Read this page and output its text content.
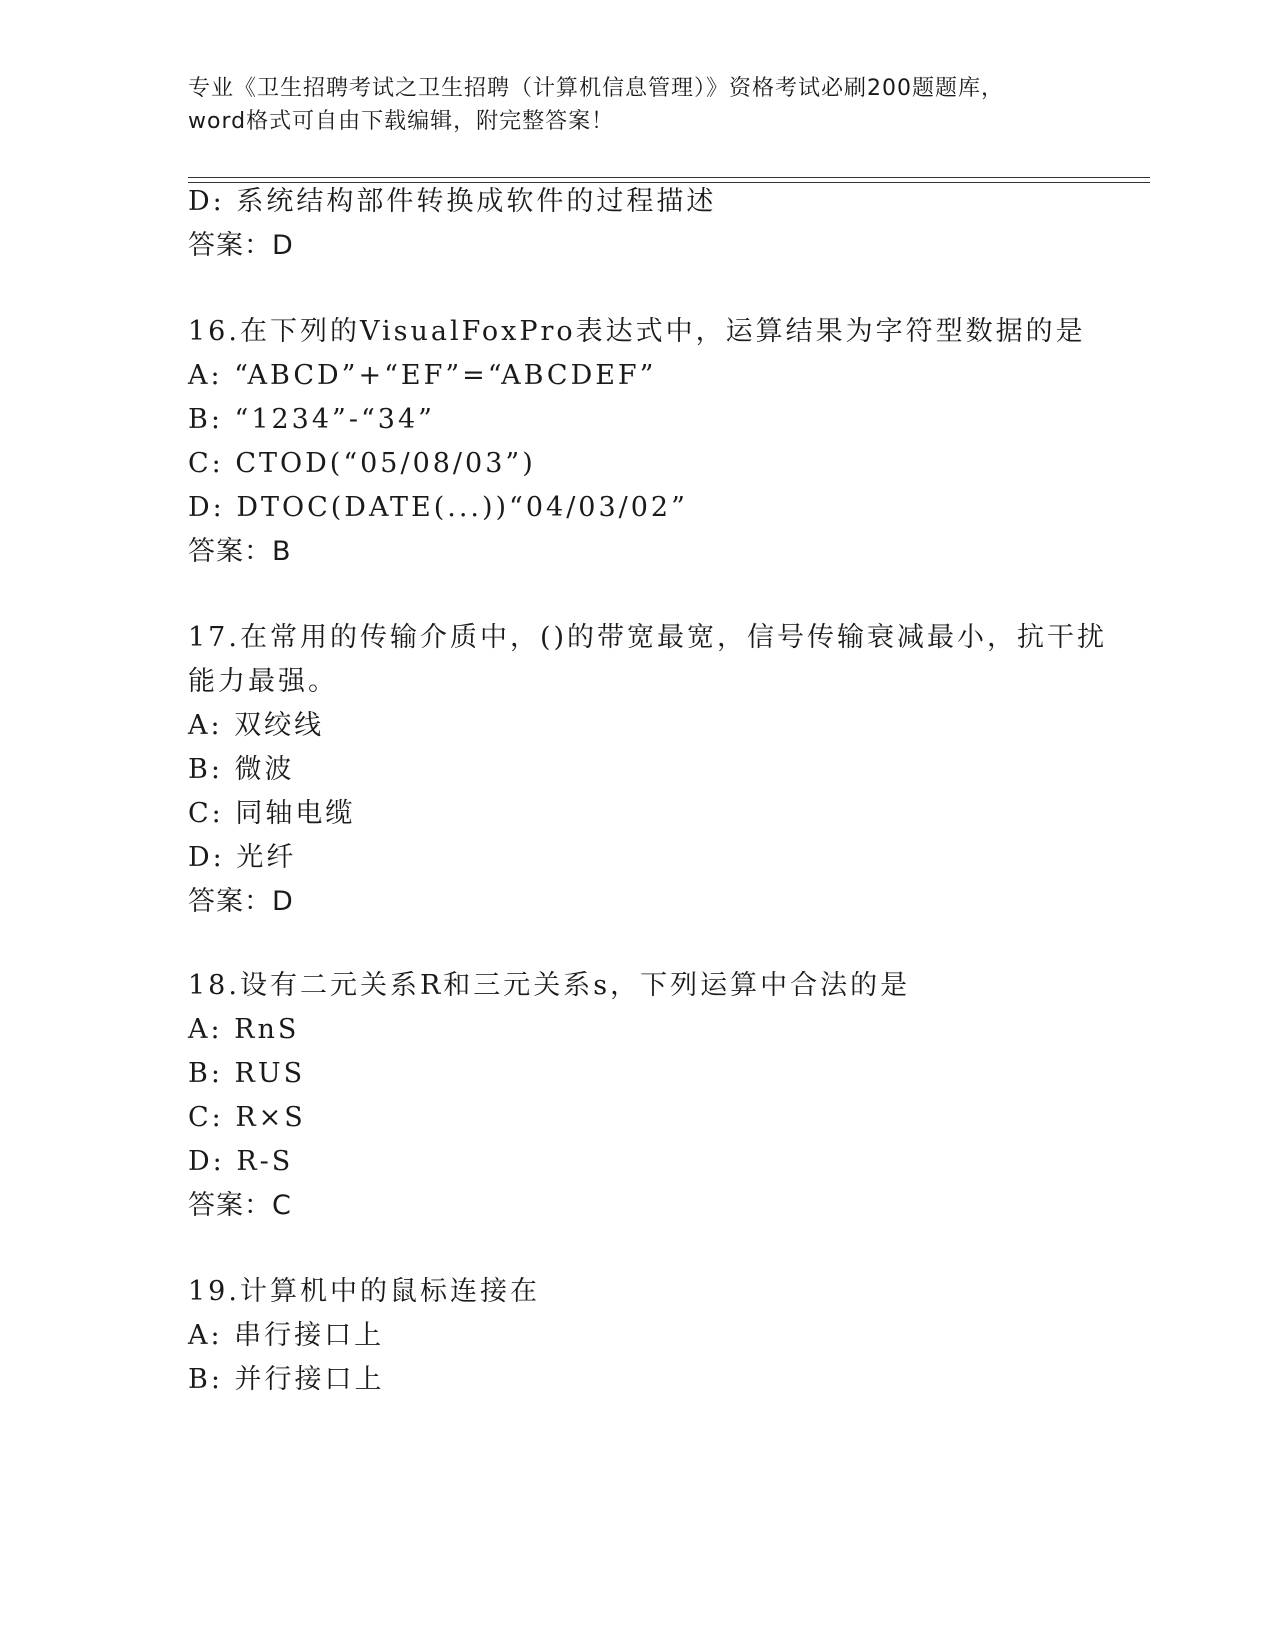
专业《卫生招聘考试之卫生招聘（计算机信息管理）》资格考试必刷200题题库，
word格式可自由下载编辑，附完整答案！
D: 系统结构部件转换成软件的过程描述
答案：D
16.在下列的VisualFoxPro表达式中，运算结果为字符型数据的是
A: “ABCD”+“EF”=“ABCDEF”
B: “1234”-“34”
C: CTOD(“05/08/03”)
D: DTOC(DATE(...))“04/03/02”
答案：B
17.在常用的传输介质中，()的带宽最宽，信号传输衰减最小，抗干扰
能力最强。
A: 双绞线
B: 微波
C: 同轴电缆
D: 光纤
答案：D
18.设有二元关系R和三元关系s，下列运算中合法的是
A: RnS
B: RUS
C: R×S
D: R-S
答案：C
19.计算机中的鼠标连接在
A: 串行接口上
B: 并行接口上
